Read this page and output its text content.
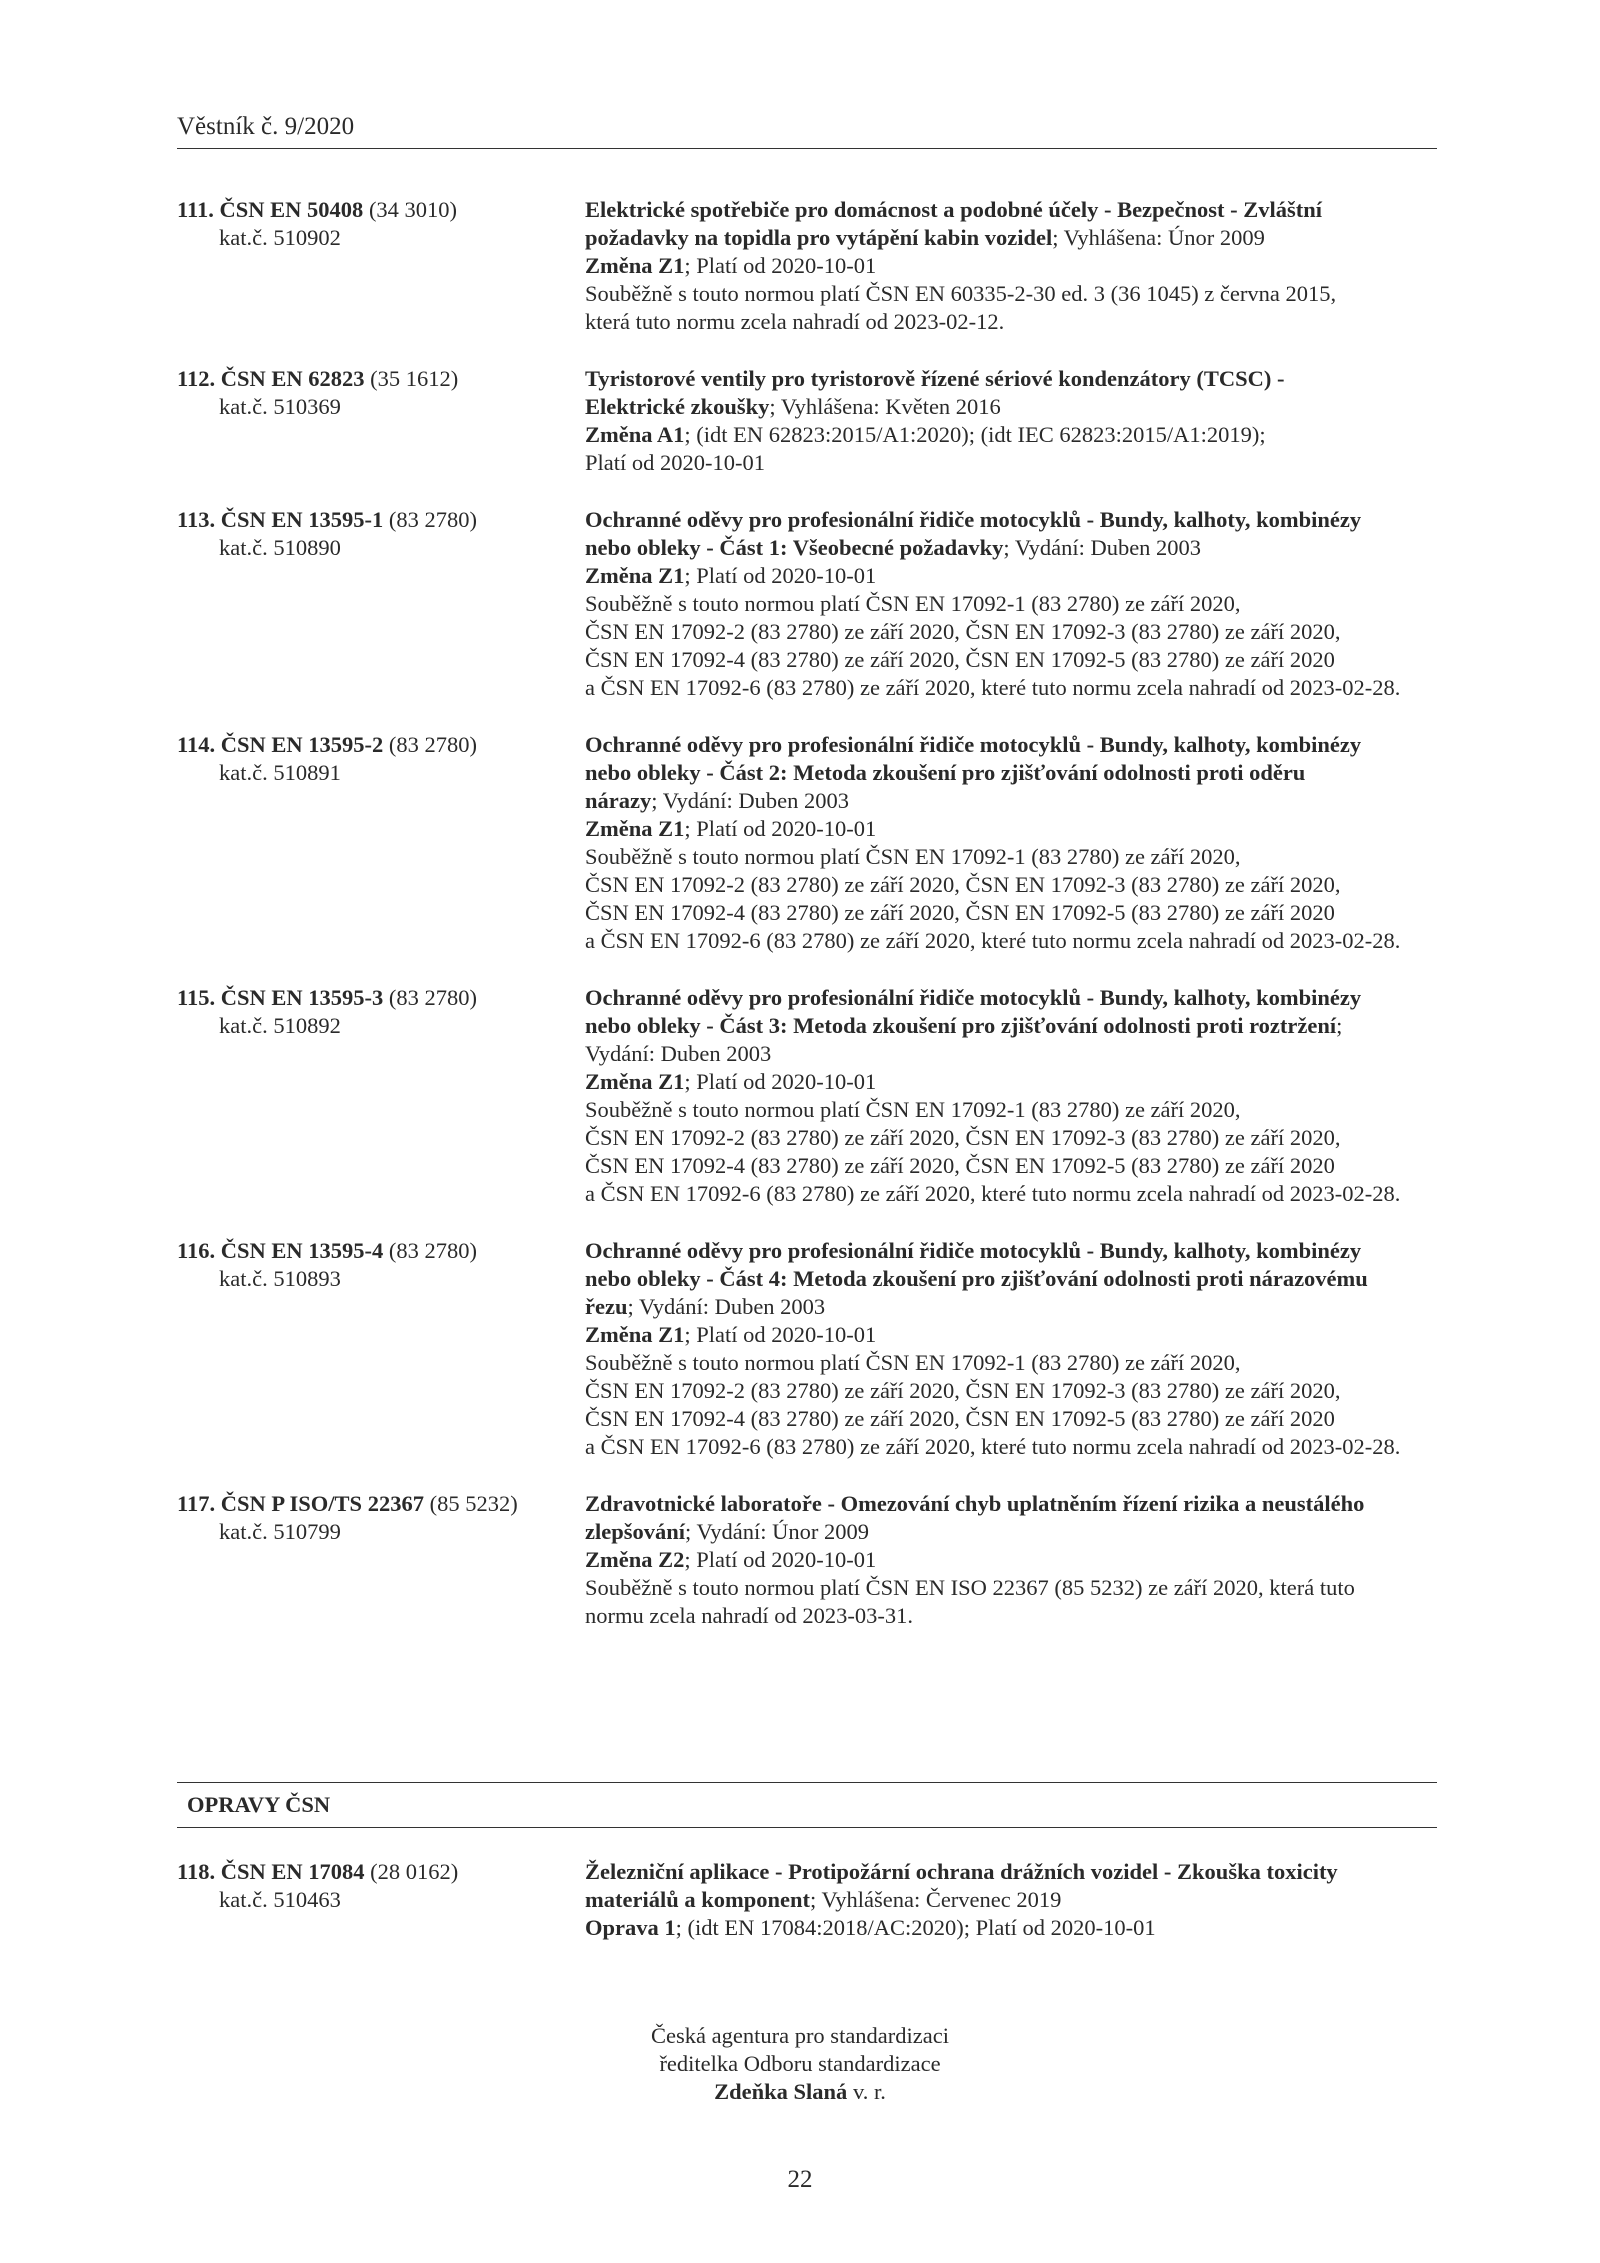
Věstník č. 9/2020
111. ČSN EN 50408 (34 3010)
kat.č. 510902
Elektrické spotřebiče pro domácnost a podobné účely - Bezpečnost - Zvláštní
požadavky na topidla pro vytápění kabin vozidel; Vyhlášena: Únor 2009
Změna Z1; Platí od 2020-10-01
Souběžně s touto normou platí ČSN EN 60335-2-30 ed. 3 (36 1045) z června 2015,
která tuto normu zcela nahradí od 2023-02-12.
112. ČSN EN 62823 (35 1612)
kat.č. 510369
Tyristorové ventily pro tyristorově řízené sériové kondenzátory (TCSC) -
Elektrické zkoušky; Vyhlášena: Květen 2016
Změna A1; (idt EN 62823:2015/A1:2020); (idt IEC 62823:2015/A1:2019);
Platí od 2020-10-01
113. ČSN EN 13595-1 (83 2780)
kat.č. 510890
Ochranné oděvy pro profesionální řidiče motocyklů - Bundy, kalhoty, kombinézy
nebo obleky - Část 1: Všeobecné požadavky; Vydání: Duben 2003
Změna Z1; Platí od 2020-10-01
Souběžně s touto normou platí ČSN EN 17092-1 (83 2780) ze září 2020,
ČSN EN 17092-2 (83 2780) ze září 2020, ČSN EN 17092-3 (83 2780) ze září 2020,
ČSN EN 17092-4 (83 2780) ze září 2020, ČSN EN 17092-5 (83 2780) ze září 2020
a ČSN EN 17092-6 (83 2780) ze září 2020, které tuto normu zcela nahradí od 2023-02-28.
114. ČSN EN 13595-2 (83 2780)
kat.č. 510891
Ochranné oděvy pro profesionální řidiče motocyklů - Bundy, kalhoty, kombinézy
nebo obleky - Část 2: Metoda zkoušení pro zjišťování odolnosti proti oděru
nárazy; Vydání: Duben 2003
Změna Z1; Platí od 2020-10-01
Souběžně s touto normou platí ČSN EN 17092-1 (83 2780) ze září 2020,
ČSN EN 17092-2 (83 2780) ze září 2020, ČSN EN 17092-3 (83 2780) ze září 2020,
ČSN EN 17092-4 (83 2780) ze září 2020, ČSN EN 17092-5 (83 2780) ze září 2020
a ČSN EN 17092-6 (83 2780) ze září 2020, které tuto normu zcela nahradí od 2023-02-28.
115. ČSN EN 13595-3 (83 2780)
kat.č. 510892
Ochranné oděvy pro profesionální řidiče motocyklů - Bundy, kalhoty, kombinézy
nebo obleky - Část 3: Metoda zkoušení pro zjišťování odolnosti proti roztržení;
Vydání: Duben 2003
Změna Z1; Platí od 2020-10-01
Souběžně s touto normou platí ČSN EN 17092-1 (83 2780) ze září 2020,
ČSN EN 17092-2 (83 2780) ze září 2020, ČSN EN 17092-3 (83 2780) ze září 2020,
ČSN EN 17092-4 (83 2780) ze září 2020, ČSN EN 17092-5 (83 2780) ze září 2020
a ČSN EN 17092-6 (83 2780) ze září 2020, které tuto normu zcela nahradí od 2023-02-28.
116. ČSN EN 13595-4 (83 2780)
kat.č. 510893
Ochranné oděvy pro profesionální řidiče motocyklů - Bundy, kalhoty, kombinézy
nebo obleky - Část 4: Metoda zkoušení pro zjišťování odolnosti proti nárazovému
řezu; Vydání: Duben 2003
Změna Z1; Platí od 2020-10-01
Souběžně s touto normou platí ČSN EN 17092-1 (83 2780) ze září 2020,
ČSN EN 17092-2 (83 2780) ze září 2020, ČSN EN 17092-3 (83 2780) ze září 2020,
ČSN EN 17092-4 (83 2780) ze září 2020, ČSN EN 17092-5 (83 2780) ze září 2020
a ČSN EN 17092-6 (83 2780) ze září 2020, které tuto normu zcela nahradí od 2023-02-28.
117. ČSN P ISO/TS 22367 (85 5232)
kat.č. 510799
Zdravotnické laboratoře - Omezování chyb uplatněním řízení rizika a neustálého
zlepšování; Vydání: Únor 2009
Změna Z2; Platí od 2020-10-01
Souběžně s touto normou platí ČSN EN ISO 22367 (85 5232) ze září 2020, která tuto
normu zcela nahradí od 2023-03-31.
OPRAVY ČSN
118. ČSN EN 17084 (28 0162)
kat.č. 510463
Železniční aplikace - Protipožární ochrana drážních vozidel - Zkouška toxicity
materiálů a komponent; Vyhlášena: Červenec 2019
Oprava 1; (idt EN 17084:2018/AC:2020); Platí od 2020-10-01
Česká agentura pro standardizaci
ředitelka Odboru standardizace
Zdeňka Slaná v. r.
22
